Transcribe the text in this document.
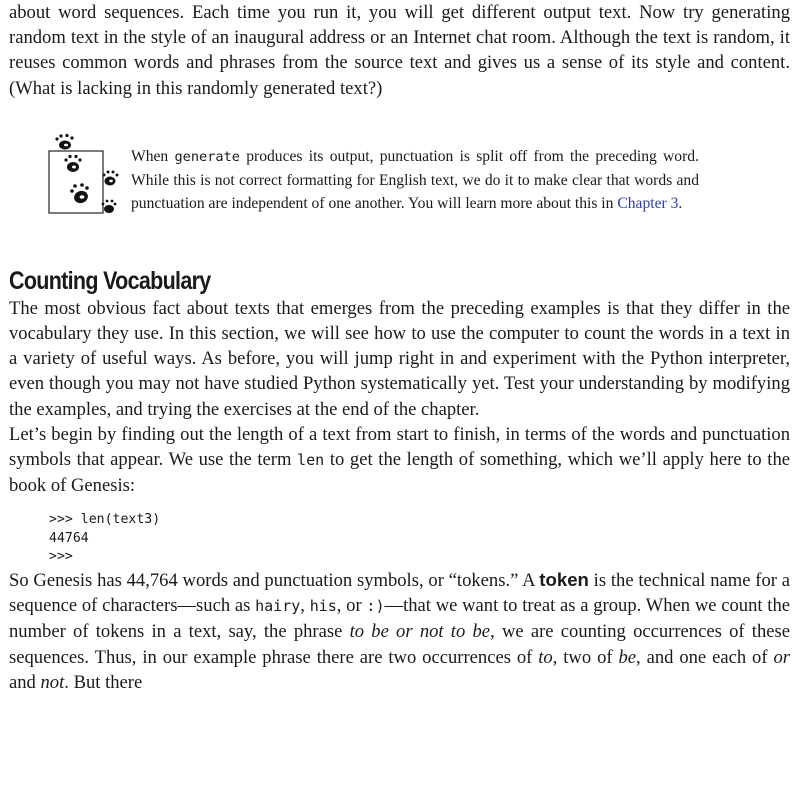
about word sequences. Each time you run it, you will get different output text. Now try generating random text in the style of an inaugural address or an Internet chat room. Although the text is random, it reuses common words and phrases from the source text and gives us a sense of its style and content. (What is lacking in this randomly generated text?)

When generate produces its output, punctuation is split off from the preceding word. While this is not correct formatting for English text, we do it to make clear that words and punctuation are independent of one another. You will learn more about this in Chapter 3.
Counting Vocabulary

The most obvious fact about texts that emerges from the preceding examples is that they differ in the vocabulary they use. In this section, we will see how to use the computer to count the words in a text in a variety of useful ways. As before, you will jump right in and experiment with the Python interpreter, even though you may not have studied Python systematically yet. Test your understanding by modifying the examples, and trying the exercises at the end of the chapter.

Let’s begin by finding out the length of a text from start to finish, in terms of the words and punctuation symbols that appear. We use the term len to get the length of something, which we’ll apply here to the book of Genesis:

>>> len(text3)
44764
>>>

So Genesis has 44,764 words and punctuation symbols, or “tokens.” A token is the technical name for a sequence of characters—such as hairy, his, or :)—that we want to treat as a group. When we count the number of tokens in a text, say, the phrase to be or not to be, we are counting occurrences of these sequences. Thus, in our example phrase there are two occurrences of to, two of be, and one each of or and not. But there
